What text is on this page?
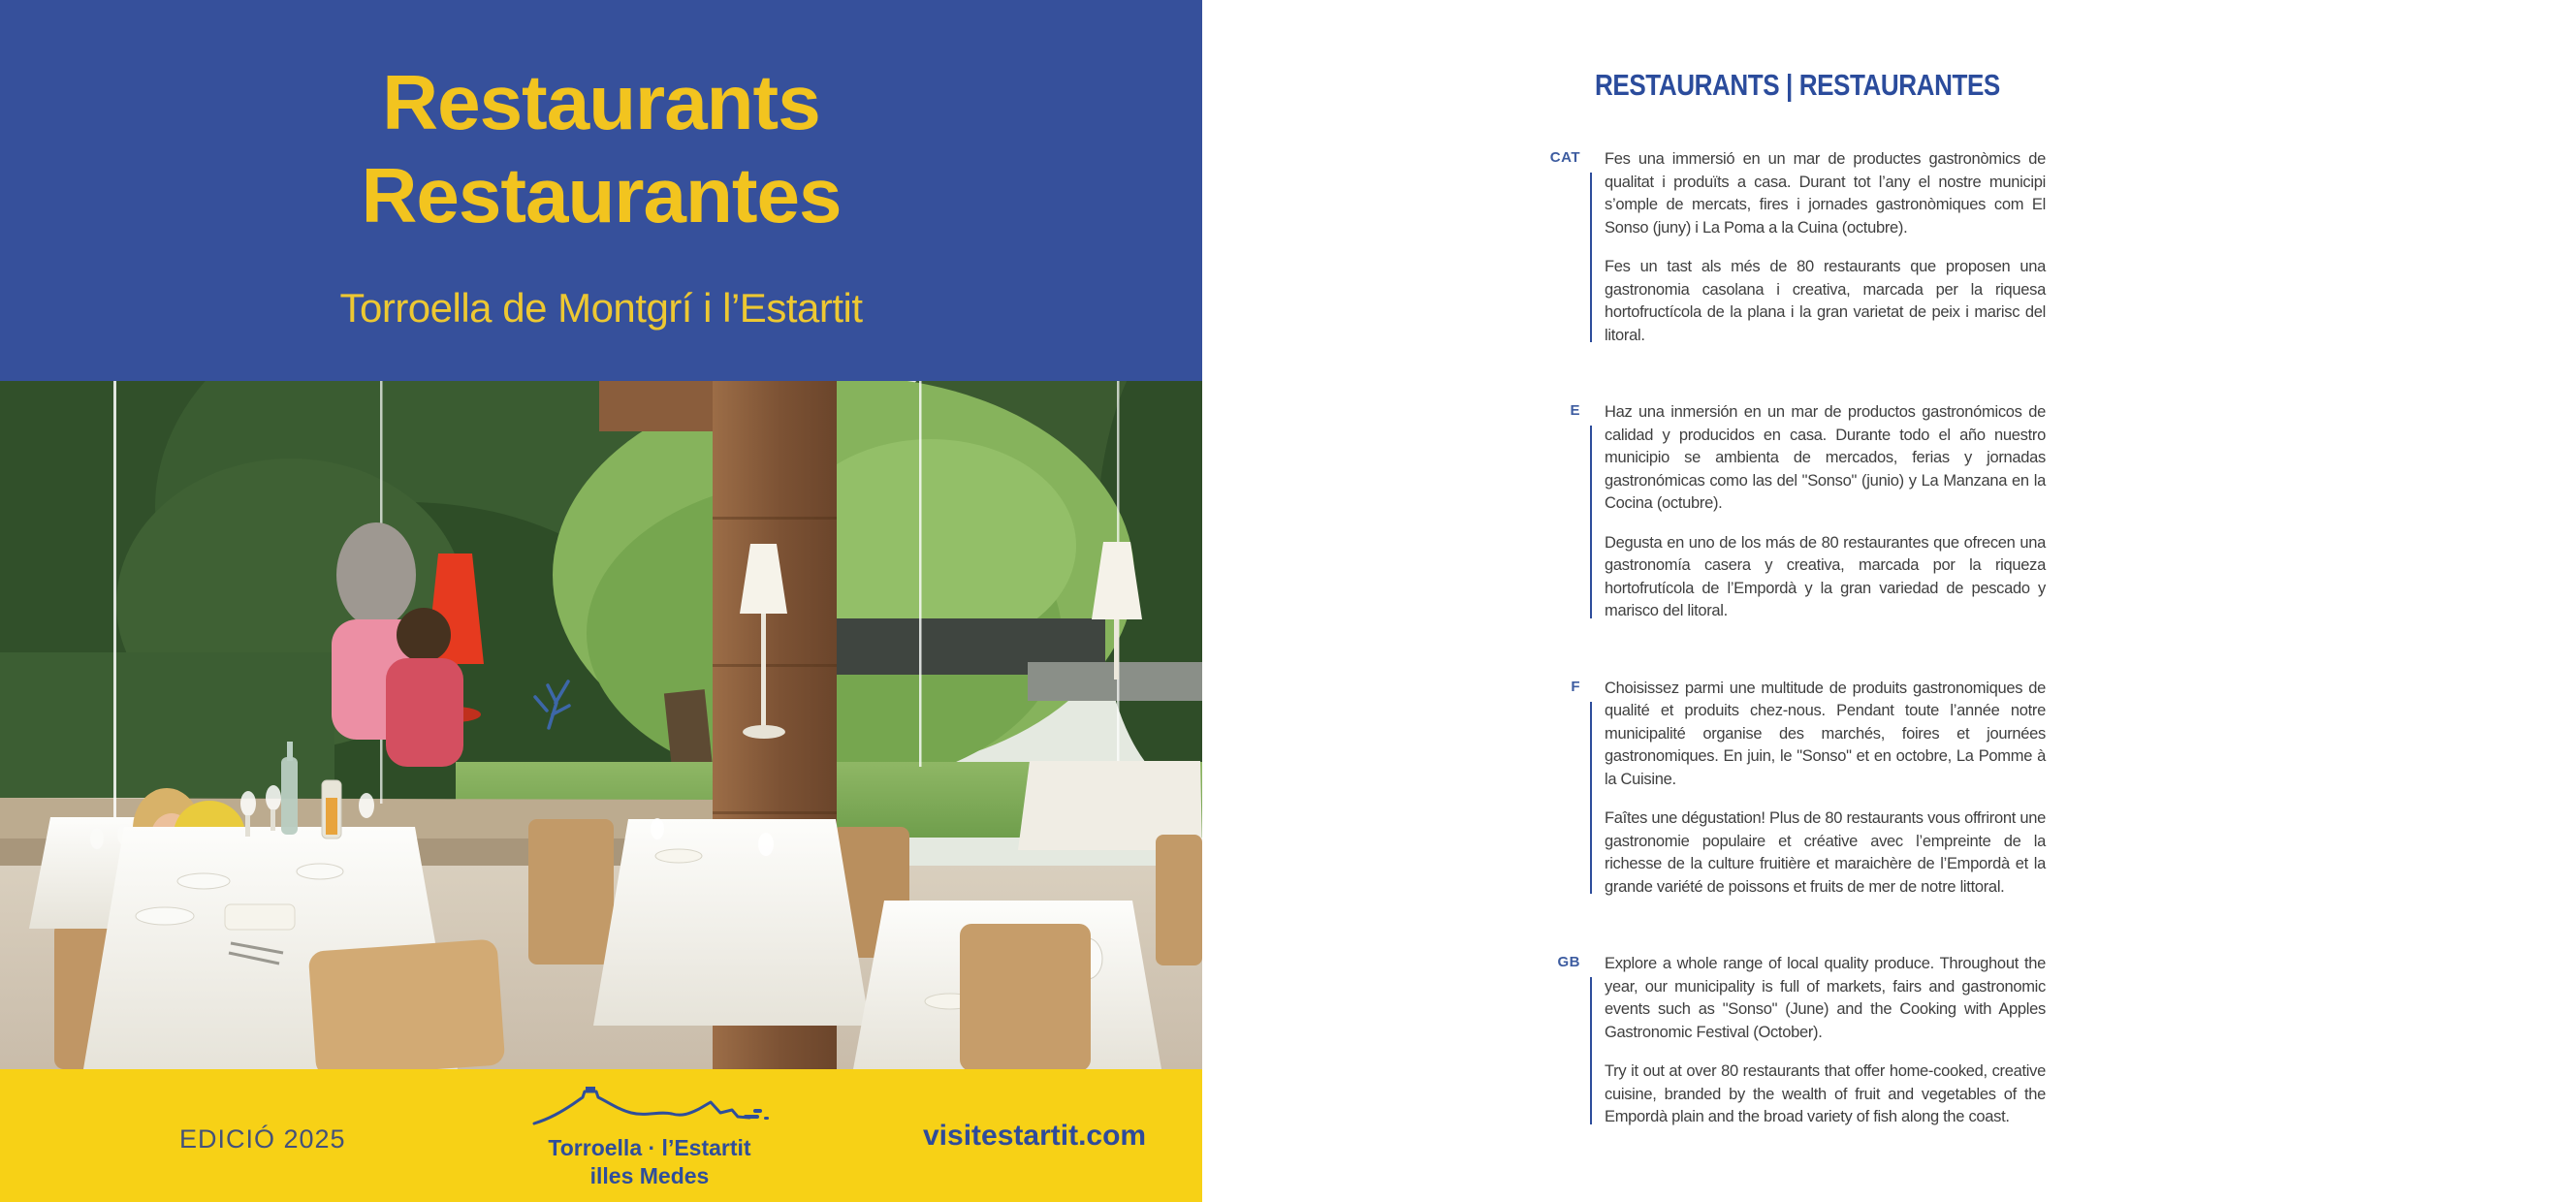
Restaurants
Restaurantes
Torroella de Montgrí i l’Estartit
EDICIÓ 2025	Torroella · l’Estartit
illes Medes
visitestartit.com
RESTAURANTS | RESTAURANTES
CAT	Fes una immersió en un mar de productes gastronòmics de qualitat i produïts a casa. Durant tot l’any el nostre municipi s’omple de mercats, fires i jornades gastronòmiques com El Sonso (juny) i La Poma a la Cuina (octubre).

Fes un tast als més de 80 restaurants que proposen una gastronomia casolana i creativa, marcada per la riquesa hortofructícola de la plana i la gran varietat de peix i marisc del litoral.

E	Haz una inmersión en un mar de productos gastronómicos de calidad y producidos en casa. Durante todo el año nuestro municipio se ambienta de mercados, ferias y jornadas gastronómicas como las del "Sonso" (junio) y La Manzana en la Cocina (octubre).

Degusta en uno de los más de 80 restaurantes que ofrecen una gastronomía casera y creativa, marcada por la riqueza hortofrutícola de l’Empordà y la gran variedad de pescado y marisco del litoral.

F	Choisissez parmi une multitude de produits gastronomiques de qualité et produits chez-nous. Pendant toute l’année notre municipalité organise des marchés, foires et journées gastronomiques. En juin, le "Sonso" et en octobre, La Pomme à la Cuisine.

Faîtes une dégustation! Plus de 80 restaurants vous offriront une gastronomie populaire et créative avec l’empreinte de la richesse de la culture fruitière et maraichère de l’Empordà et la grande variété de poissons et fruits de mer de notre littoral.

GB	Explore a whole range of local quality produce. Throughout the year, our municipality is full of markets, fairs and gastronomic events such as "Sonso" (June) and the Cooking with Apples Gastronomic Festival (October).

Try it out at over 80 restaurants that offer home-cooked, creative cuisine, branded by the wealth of fruit and vegetables of the Empordà plain and the broad variety of fish along the coast.
